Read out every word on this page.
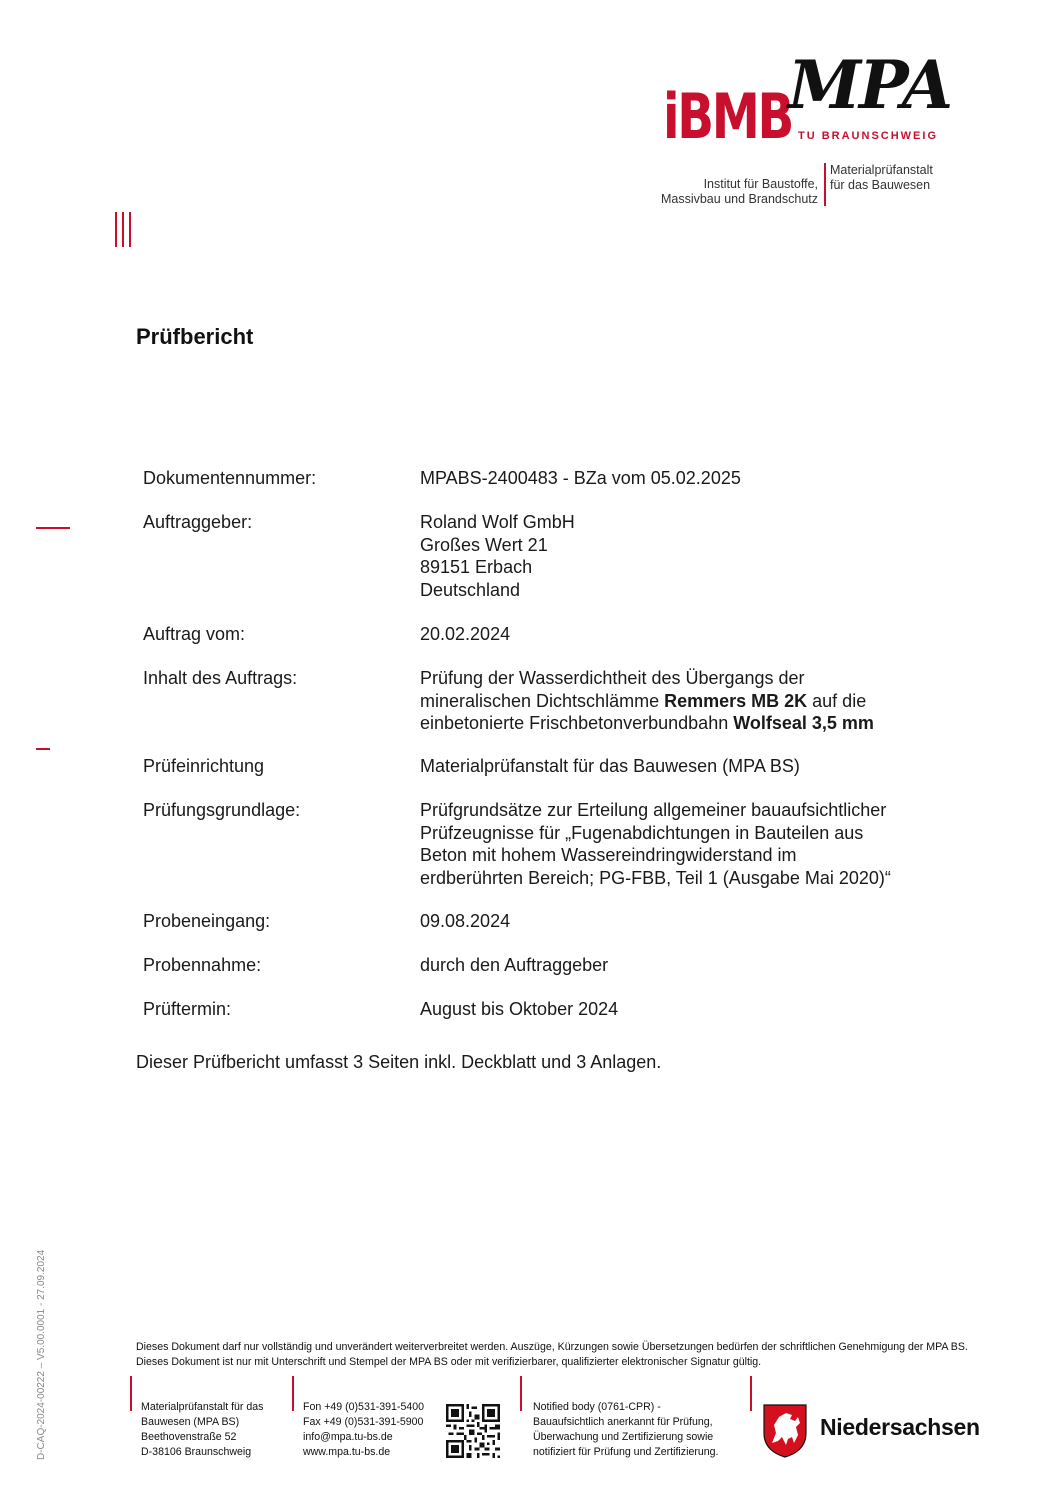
iBMB
MPA
TU BRAUNSCHWEIG
Institut für Baustoffe,
Massivbau und Brandschutz
Materialprüfanstalt
für das Bauwesen
Prüfbericht
Dokumentennummer:	MPABS-2400483 - BZa vom 05.02.2025
Auftraggeber:	Roland Wolf GmbH
Großes Wert 21
89151 Erbach
Deutschland
Auftrag vom:	20.02.2024
Inhalt des Auftrags:	Prüfung der Wasserdichtheit des Übergangs der
mineralischen Dichtschlämme Remmers MB 2K auf die
einbetonierte Frischbetonverbundbahn Wolfseal 3,5 mm
Prüfeinrichtung	Materialprüfanstalt für das Bauwesen (MPA BS)
Prüfungsgrundlage:	Prüfgrundsätze zur Erteilung allgemeiner bauaufsichtlicher
Prüfzeugnisse für „Fugenabdichtungen in Bauteilen aus
Beton mit hohem Wassereindringwiderstand im
erdberührten Bereich; PG-FBB, Teil 1 (Ausgabe Mai 2020)“
Probeneingang:	09.08.2024
Probennahme:	durch den Auftraggeber
Prüftermin:	August bis Oktober 2024
Dieser Prüfbericht umfasst 3 Seiten inkl. Deckblatt und 3 Anlagen.
D-CAQ-2024-00222 – V5.00.0001 - 27.09.2024	Dieses Dokument darf nur vollständig und unverändert weiterverbreitet werden. Auszüge, Kürzungen sowie Übersetzungen bedürfen der schriftlichen Genehmigung der MPA BS. Dieses Dokument ist nur mit Unterschrift und Stempel der MPA BS oder mit verifizierbarer, qualifizierter elektronischer Signatur gültig.
Materialprüfanstalt für das
Bauwesen (MPA BS)
Beethovenstraße 52
D-38106 Braunschweig
Fon +49 (0)531-391-5400
Fax +49 (0)531-391-5900
info@mpa.tu-bs.de
www.mpa.tu-bs.de
Notified body (0761-CPR) -
Bauaufsichtlich anerkannt für Prüfung,
Überwachung und Zertifizierung sowie
notifiziert für Prüfung und Zertifizierung.
Niedersachsen
